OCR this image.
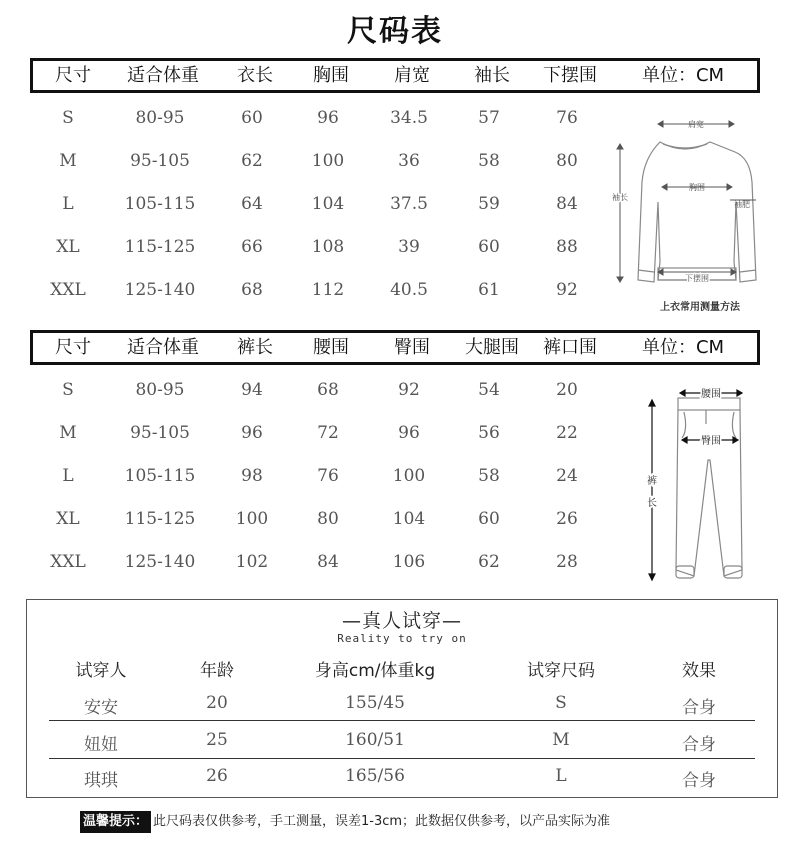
尺码表
尺寸 适合体重 衣长 胸围	肩宽 袖长 下摆围 单位：CM
S	80-95	60	96	34.5	57	76
M	95-105	62	100	36	58	80
L	105-115	64	104	37.5	59	84
XL	115-125	66	108	39	60	88
XXL 125-140	68	112	40.5	61	92
肩宽
胸围
袖长
袖肥
下摆围
上衣常用测量方法
尺寸 适合体重 裤长 腰围	臀围 大腿围 裤口围 单位：CM
S	80-95	94	68	92	54	20
M	95-105	96	72	96	56	22
L	105-115	98	76	100	58	24
XL	115-125 100	80	104	60	26
XXL 125-140 102	84	106	62	28
腰围
臀围
裤
长
—真人试穿—
Reality to try on
试穿人	年龄	身高cm/体重kg	试穿尺码	效果
安安	20	155/45	S	合身
妞妞	25	160/51	M	合身
琪琪	26	165/56	L	合身
温馨提示： 此尺码表仅供参考，手工测量，误差1-3cm；此数据仅供参考，以产品实际为准
